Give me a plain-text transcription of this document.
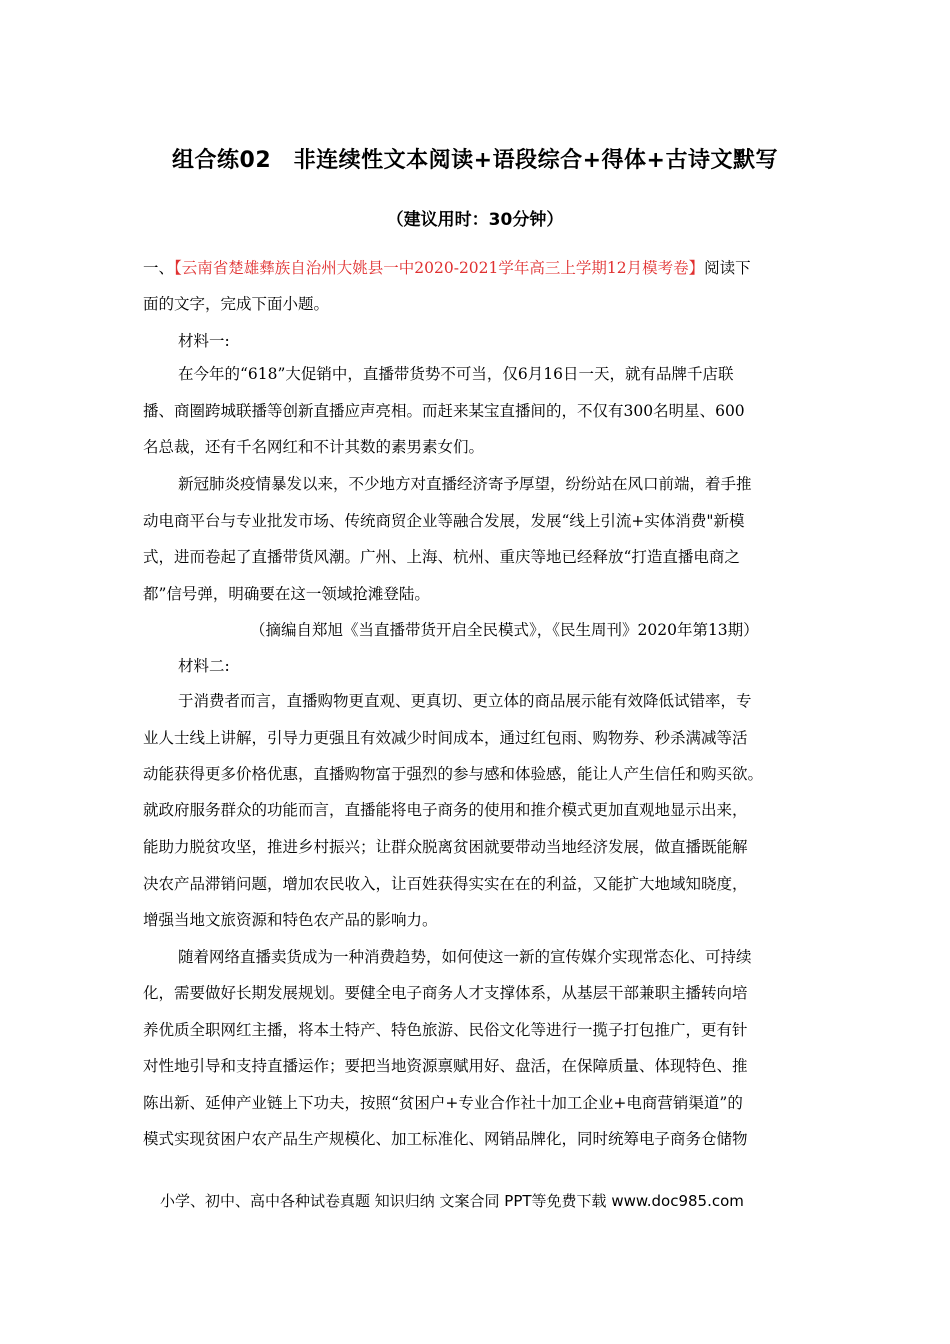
组合练02　非连续性文本阅读+语段综合+得体+古诗文默写
（建议用时：30分钟）
一、【云南省楚雄彝族自治州大姚县一中2020-2021学年高三上学期12月模考卷】阅读下
面的文字，完成下面小题。
材料一:
在今年的“618”大促销中，直播带货势不可当，仅6月16日一天，就有品牌千店联
播、商圈跨城联播等创新直播应声亮相。而赶来某宝直播间的，不仅有300名明星、600
名总裁，还有千名网红和不计其数的素男素女们。
新冠肺炎疫情暴发以来，不少地方对直播经济寄予厚望，纷纷站在风口前端，着手推
动电商平台与专业批发市场、传统商贸企业等融合发展，发展“线上引流+实体消费"新模
式，进而卷起了直播带货风潮。广州、上海、杭州、重庆等地已经释放“打造直播电商之
都”信号弹，明确要在这一领域抢滩登陆。
（摘编自郑旭《当直播带货开启全民模式》，《民生周刊》2020年第13期）
材料二:
于消费者而言，直播购物更直观、更真切、更立体的商品展示能有效降低试错率，专
业人士线上讲解，引导力更强且有效减少时间成本，通过红包雨、购物券、秒杀满减等活
动能获得更多价格优惠，直播购物富于强烈的参与感和体验感，能让人产生信任和购买欲。
就政府服务群众的功能而言，直播能将电子商务的使用和推介模式更加直观地显示出来，
能助力脱贫攻坚，推进乡村振兴；让群众脱离贫困就要带动当地经济发展，做直播既能解
决农产品滞销问题，增加农民收入，让百姓获得实实在在的利益，又能扩大地域知晓度，
增强当地文旅资源和特色农产品的影响力。
随着网络直播卖货成为一种消费趋势，如何使这一新的宣传媒介实现常态化、可持续
化，需要做好长期发展规划。要健全电子商务人才支撑体系，从基层干部兼职主播转向培
养优质全职网红主播，将本土特产、特色旅游、民俗文化等进行一揽子打包推广，更有针
对性地引导和支持直播运作；要把当地资源禀赋用好、盘活，在保障质量、体现特色、推
陈出新、延伸产业链上下功夫，按照“贫困户+专业合作社十加工企业+电商营销渠道”的
模式实现贫困户农产品生产规模化、加工标准化、网销品牌化，同时统筹电子商务仓储物
小学、初中、高中各种试卷真题 知识归纳 文案合同 PPT等免费下载 www.doc985.com
